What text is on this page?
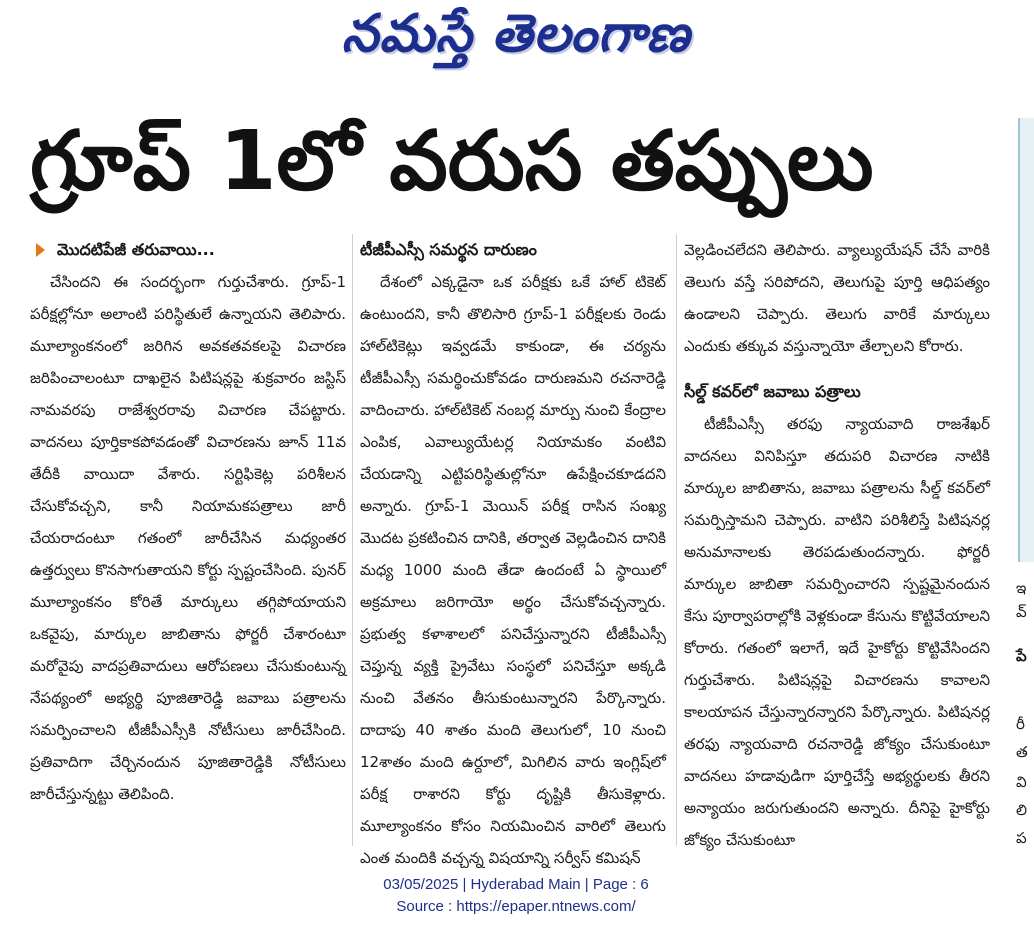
నమస్తే తెలంగాణ
గ్రూప్ 1లో వరుస తప్పులు
మొదటిపేజీ తరువాయి...

చేసిందని ఈ సందర్భంగా గుర్తుచేశారు. గ్రూప్-1 పరీక్షల్లోనూ అలాంటి పరిస్థితులే ఉన్నాయని తెలిపారు. మూల్యాంకనంలో జరిగిన అవకతవకలపై విచారణ జరిపించాలంటూ దాఖలైన పిటిషన్లపై శుక్రవారం జస్టిస్ నామవరపు రాజేశ్వరరావు విచారణ చేపట్టారు. వాదనలు పూర్తికాకపోవడంతో విచారణను జూన్ 11వ తేదీకి వాయిదా వేశారు. సర్టిఫికెట్ల పరిశీలన చేసుకోవచ్చని, కానీ నియామకపత్రాలు జారీ చేయరాదంటూ గతంలో జారీచేసిన మధ్యంతర ఉత్తర్వులు కొనసాగుతాయని కోర్టు స్పష్టంచేసింది. పునర్ మూల్యాంకనం కోరితే మార్కులు తగ్గిపోయాయని ఒకవైపు, మార్కుల జాబితాను ఫోర్జరీ చేశారంటూ మరోవైపు వాదప్రతివాదులు ఆరోపణలు చేసుకుంటున్న నేపథ్యంలో అభ్యర్థి పూజితారెడ్డి జవాబు పత్రాలను సమర్పించాలని టీజీపీఎస్సీకి నోటీసులు జారీచేసింది. ప్రతివాదిగా చేర్చినందున పూజితారెడ్డికి నోటీసులు జారీచేస్తున్నట్టు తెలిపింది.

టీజీపీఎస్సీ సమర్థన దారుణం

దేశంలో ఎక్కడైనా ఒక పరీక్షకు ఒకే హాల్ టికెట్ ఉంటుందని, కానీ తొలిసారి గ్రూప్-1 పరీక్షలకు రెండు హాల్‌టికెట్లు ఇవ్వడమే కాకుండా, ఈ చర్యను టీజీపీఎస్సీ సమర్థించుకోవడం దారుణమని రచనారెడ్డి వాదించారు. హాల్‌టికెట్ నంబర్ల మార్పు నుంచి కేంద్రాల ఎంపిక, ఎవాల్యుయేటర్ల నియామకం వంటివి చేయడాన్ని ఎట్టిపరిస్థితుల్లోనూ ఉపేక్షించకూడదని అన్నారు. గ్రూప్-1 మెయిన్ పరీక్ష రాసిన సంఖ్య మొదట ప్రకటించిన దానికి, తర్వాత వెల్లడించిన దానికి మధ్య 1000 మంది తేడా ఉందంటే ఏ స్థాయిలో అక్రమాలు జరిగాయో అర్థం చేసుకోవచ్చన్నారు. ప్రభుత్వ కళాశాలలో పనిచేస్తున్నారని టీజీపీఎస్సీ చెప్తున్న వ్యక్తి ప్రైవేటు సంస్థలో పనిచేస్తూ అక్కడి నుంచి వేతనం తీసుకుంటున్నారని పేర్కొన్నారు. దాదాపు 40 శాతం మంది తెలుగులో, 10 నుంచి 12శాతం మంది ఉర్దూలో, మిగిలిన వారు ఇంగ్లిష్‌లో పరీక్ష రాశారని కోర్టు దృష్టికి తీసుకెళ్లారు. మూల్యాంకనం కోసం నియమించిన వారిలో తెలుగు ఎంత మందికి వచ్చన్న విషయాన్ని సర్వీస్ కమిషన్

వెల్లడించలేదని తెలిపారు. వ్యాల్యుయేషన్ చేసే వారికి తెలుగు వస్తే సరిపోదని, తెలుగుపై పూర్తి ఆధిపత్యం ఉండాలని చెప్పారు. తెలుగు వారికే మార్కులు ఎందుకు తక్కువ వస్తున్నాయో తేల్చాలని కోరారు.

సీల్డ్ కవర్‌లో జవాబు పత్రాలు

టీజీపీఎస్సీ తరఫు న్యాయవాది రాజశేఖర్ వాదనలు వినిపిస్తూ తదుపరి విచారణ నాటికి మార్కుల జాబితాను, జవాబు పత్రాలను సీల్డ్ కవర్‌లో సమర్పిస్తామని చెప్పారు. వాటిని పరిశీలిస్తే పిటిషనర్ల అనుమానాలకు తెరపడుతుందన్నారు. ఫోర్జరీ మార్కుల జాబితా సమర్పించారని స్పష్టమైనందున కేసు పూర్వాపరాల్లోకి వెళ్లకుండా కేసును కొట్టివేయాలని కోరారు. గతంలో ఇలాగే, ఇదే హైకోర్టు కొట్టివేసిందని గుర్తుచేశారు. పిటిషన్లపై విచారణను కావాలని కాలయాపన చేస్తున్నారన్నారని పేర్కొన్నారు. పిటిషనర్ల తరఫు న్యాయవాది రచనారెడ్డి జోక్యం చేసుకుంటూ వాదనలు హడావుడిగా పూర్తిచేస్తే అభ్యర్థులకు తీరని అన్యాయం జరుగుతుందని అన్నారు. దీనిపై హైకోర్టు జోక్యం చేసుకుంటూ

ఇ
వ్
పే
రీ
త
వి
లి
ప
03/05/2025 | Hyderabad Main | Page : 6
Source : https://epaper.ntnews.com/
